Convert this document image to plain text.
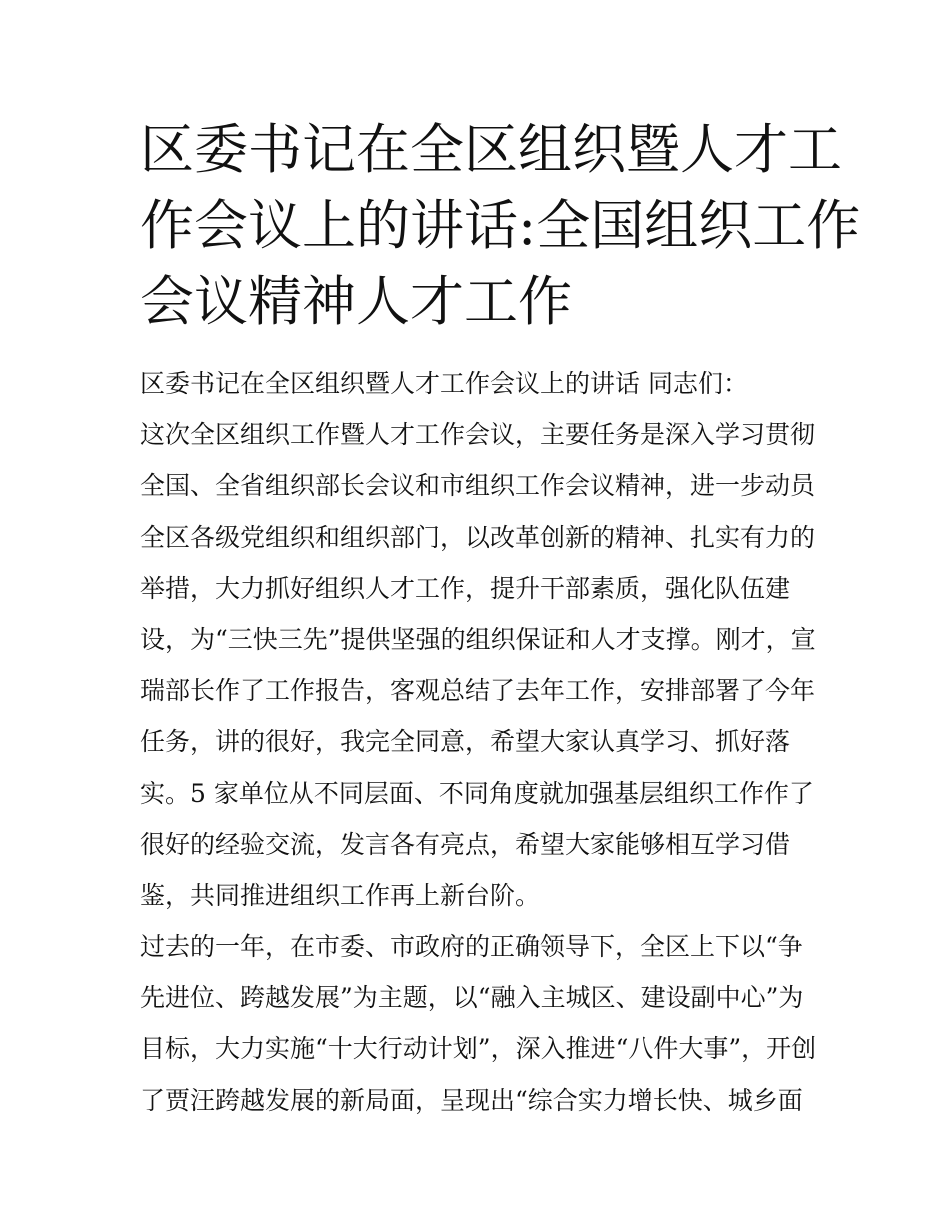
区委书记在全区组织暨人才工
作会议上的讲话:全国组织工作
会议精神人才工作
区委书记在全区组织暨人才工作会议上的讲话 同志们：
这次全区组织工作暨人才工作会议，主要任务是深入学习贯彻
全国、全省组织部长会议和市组织工作会议精神，进一步动员
全区各级党组织和组织部门，以改革创新的精神、扎实有力的
举措，大力抓好组织人才工作，提升干部素质，强化队伍建
设，为“三快三先”提供坚强的组织保证和人才支撑。刚才，宣
瑞部长作了工作报告，客观总结了去年工作，安排部署了今年
任务，讲的很好，我完全同意，希望大家认真学习、抓好落
实。5 家单位从不同层面、不同角度就加强基层组织工作作了
很好的经验交流，发言各有亮点，希望大家能够相互学习借
鉴，共同推进组织工作再上新台阶。
过去的一年，在市委、市政府的正确领导下，全区上下以“争
先进位、跨越发展”为主题，以“融入主城区、建设副中心”为
目标，大力实施“十大行动计划”，深入推进“八件大事”，开创
了贾汪跨越发展的新局面，呈现出“综合实力增长快、城乡面
